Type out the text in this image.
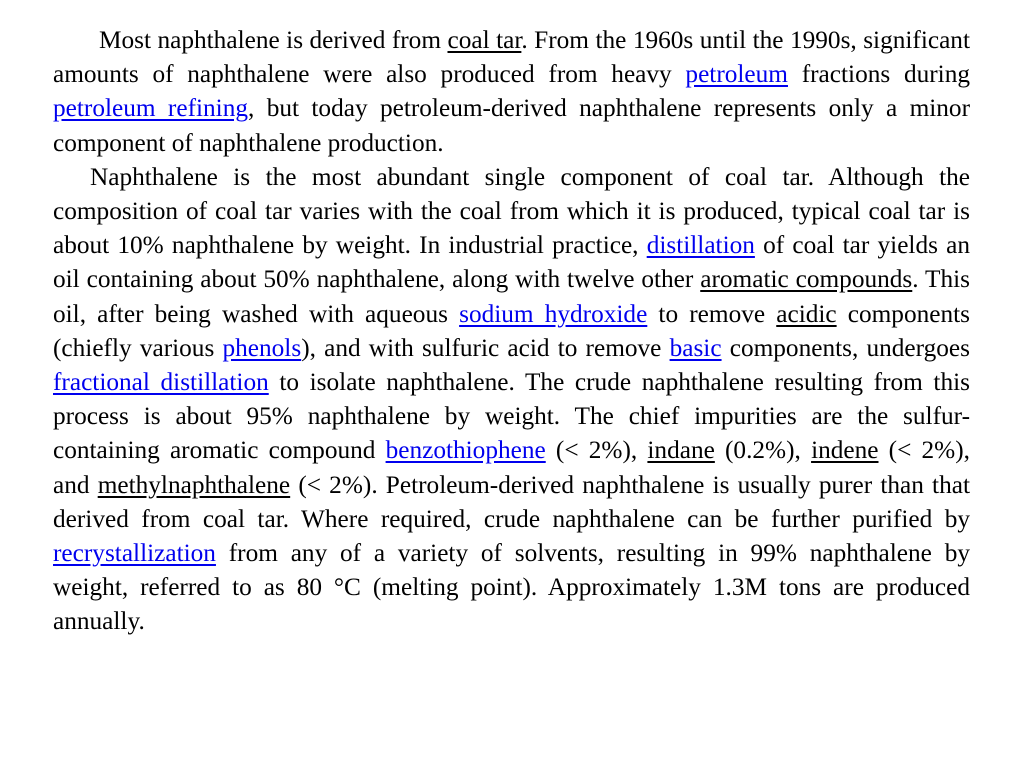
Most naphthalene is derived from coal tar. From the 1960s until the 1990s, significant amounts of naphthalene were also produced from heavy petroleum fractions during petroleum refining, but today petroleum-derived naphthalene represents only a minor component of naphthalene production.

Naphthalene is the most abundant single component of coal tar. Although the composition of coal tar varies with the coal from which it is produced, typical coal tar is about 10% naphthalene by weight. In industrial practice, distillation of coal tar yields an oil containing about 50% naphthalene, along with twelve other aromatic compounds. This oil, after being washed with aqueous sodium hydroxide to remove acidic components (chiefly various phenols), and with sulfuric acid to remove basic components, undergoes fractional distillation to isolate naphthalene. The crude naphthalene resulting from this process is about 95% naphthalene by weight. The chief impurities are the sulfur-containing aromatic compound benzothiophene (< 2%), indane (0.2%), indene (< 2%), and methylnaphthalene (< 2%). Petroleum-derived naphthalene is usually purer than that derived from coal tar. Where required, crude naphthalene can be further purified by recrystallization from any of a variety of solvents, resulting in 99% naphthalene by weight, referred to as 80 °C (melting point). Approximately 1.3M tons are produced annually.
